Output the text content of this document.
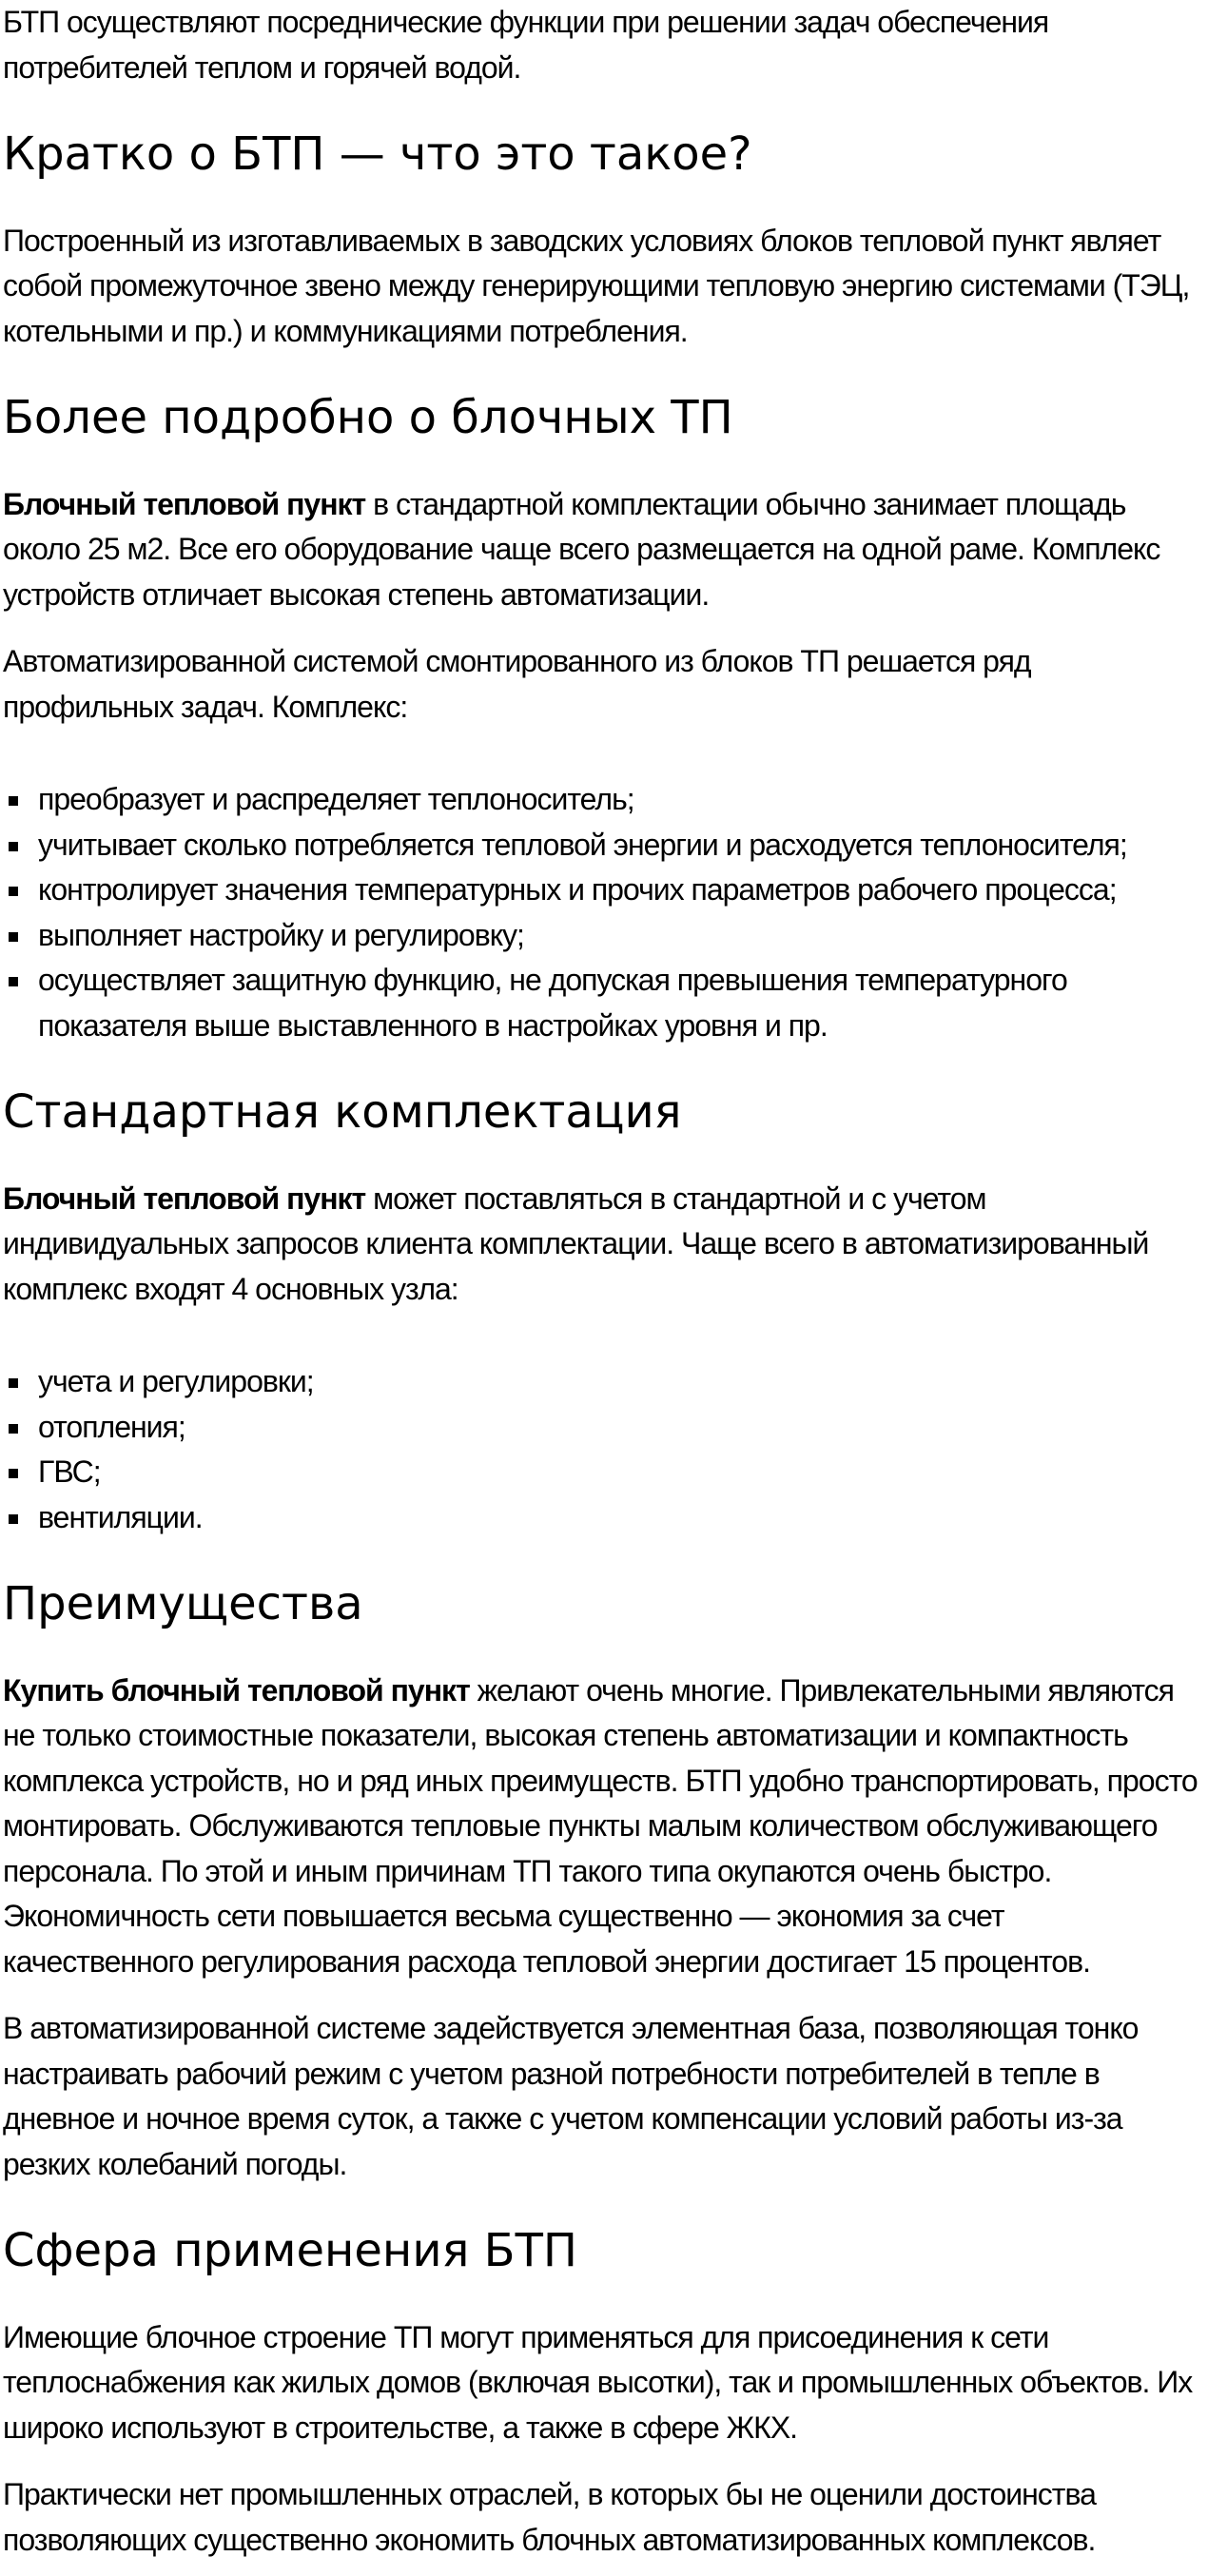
БТП осуществляют посреднические функции при решении задач обеспечения потребителей теплом и горячей водой.

Кратко о БТП — что это такое?

Построенный из изготавливаемых в заводских условиях блоков тепловой пункт являет собой промежуточное звено между генерирующими тепловую энергию системами (ТЭЦ, котельными и пр.) и коммуникациями потребления.

Более подробно о блочных ТП

Блочный тепловой пункт в стандартной комплектации обычно занимает площадь около 25 м2. Все его оборудование чаще всего размещается на одной раме. Комплекс устройств отличает высокая степень автоматизации.

Автоматизированной системой смонтированного из блоков ТП решается ряд профильных задач. Комплекс:

преобразует и распределяет теплоноситель;
учитывает сколько потребляется тепловой энергии и расходуется теплоносителя;
контролирует значения температурных и прочих параметров рабочего процесса;
выполняет настройку и регулировку;
осуществляет защитную функцию, не допуская превышения температурного показателя выше выставленного в настройках уровня и пр.
Стандартная комплектация

Блочный тепловой пункт может поставляться в стандартной и с учетом индивидуальных запросов клиента комплектации. Чаще всего в автоматизированный комплекс входят 4 основных узла:

учета и регулировки;
отопления;
ГВС;
вентиляции.
Преимущества

Купить блочный тепловой пункт желают очень многие. Привлекательными являются не только стоимостные показатели, высокая степень автоматизации и компактность комплекса устройств, но и ряд иных преимуществ. БТП удобно транспортировать, просто монтировать. Обслуживаются тепловые пункты малым количеством обслуживающего персонала. По этой и иным причинам ТП такого типа окупаются очень быстро. Экономичность сети повышается весьма существенно — экономия за счет качественного регулирования расхода тепловой энергии достигает 15 процентов.

В автоматизированной системе задействуется элементная база, позволяющая тонко настраивать рабочий режим с учетом разной потребности потребителей в тепле в дневное и ночное время суток, а также с учетом компенсации условий работы из-за резких колебаний погоды.

Сфера применения БТП

Имеющие блочное строение ТП могут применяться для присоединения к сети теплоснабжения как жилых домов (включая высотки), так и промышленных объектов. Их широко используют в строительстве, а также в сфере ЖКХ.

Практически нет промышленных отраслей, в которых бы не оценили достоинства позволяющих существенно экономить блочных автоматизированных комплексов.
